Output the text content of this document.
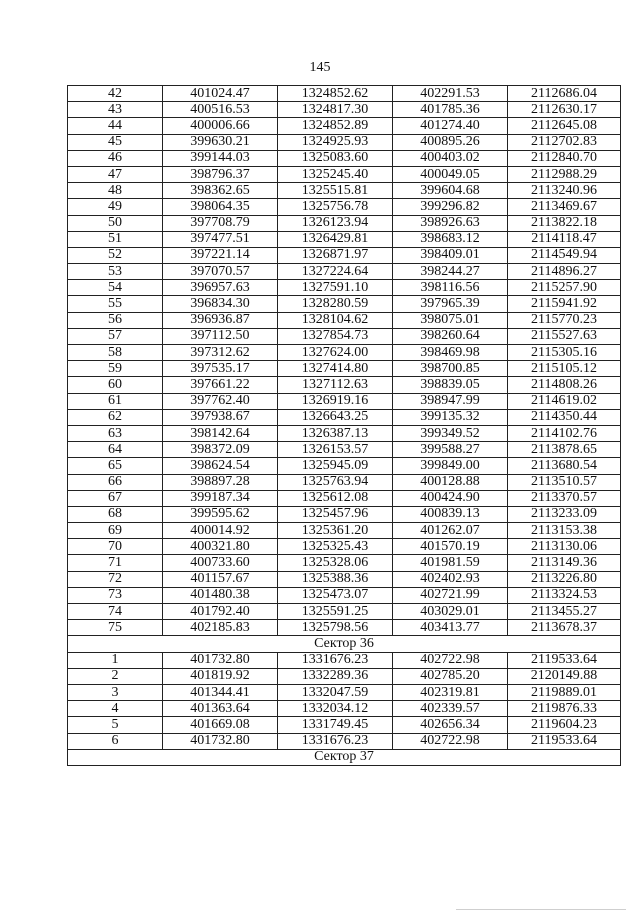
145
42	401024.47	1324852.62	402291.53	2112686.04
43	400516.53	1324817.30	401785.36	2112630.17
44	400006.66	1324852.89	401274.40	2112645.08
45	399630.21	1324925.93	400895.26	2112702.83
46	399144.03	1325083.60	400403.02	2112840.70
47	398796.37	1325245.40	400049.05	2112988.29
48	398362.65	1325515.81	399604.68	2113240.96
49	398064.35	1325756.78	399296.82	2113469.67
50	397708.79	1326123.94	398926.63	2113822.18
51	397477.51	1326429.81	398683.12	2114118.47
52	397221.14	1326871.97	398409.01	2114549.94
53	397070.57	1327224.64	398244.27	2114896.27
54	396957.63	1327591.10	398116.56	2115257.90
55	396834.30	1328280.59	397965.39	2115941.92
56	396936.87	1328104.62	398075.01	2115770.23
57	397112.50	1327854.73	398260.64	2115527.63
58	397312.62	1327624.00	398469.98	2115305.16
59	397535.17	1327414.80	398700.85	2115105.12
60	397661.22	1327112.63	398839.05	2114808.26
61	397762.40	1326919.16	398947.99	2114619.02
62	397938.67	1326643.25	399135.32	2114350.44
63	398142.64	1326387.13	399349.52	2114102.76
64	398372.09	1326153.57	399588.27	2113878.65
65	398624.54	1325945.09	399849.00	2113680.54
66	398897.28	1325763.94	400128.88	2113510.57
67	399187.34	1325612.08	400424.90	2113370.57
68	399595.62	1325457.96	400839.13	2113233.09
69	400014.92	1325361.20	401262.07	2113153.38
70	400321.80	1325325.43	401570.19	2113130.06
71	400733.60	1325328.06	401981.59	2113149.36
72	401157.67	1325388.36	402402.93	2113226.80
73	401480.38	1325473.07	402721.99	2113324.53
74	401792.40	1325591.25	403029.01	2113455.27
75	402185.83	1325798.56	403413.77	2113678.37
Сектор 36				
1	401732.80	1331676.23	402722.98	2119533.64
2	401819.92	1332289.36	402785.20	2120149.88
3	401344.41	1332047.59	402319.81	2119889.01
4	401363.64	1332034.12	402339.57	2119876.33
5	401669.08	1331749.45	402656.34	2119604.23
6	401732.80	1331676.23	402722.98	2119533.64
Сектор 37				
